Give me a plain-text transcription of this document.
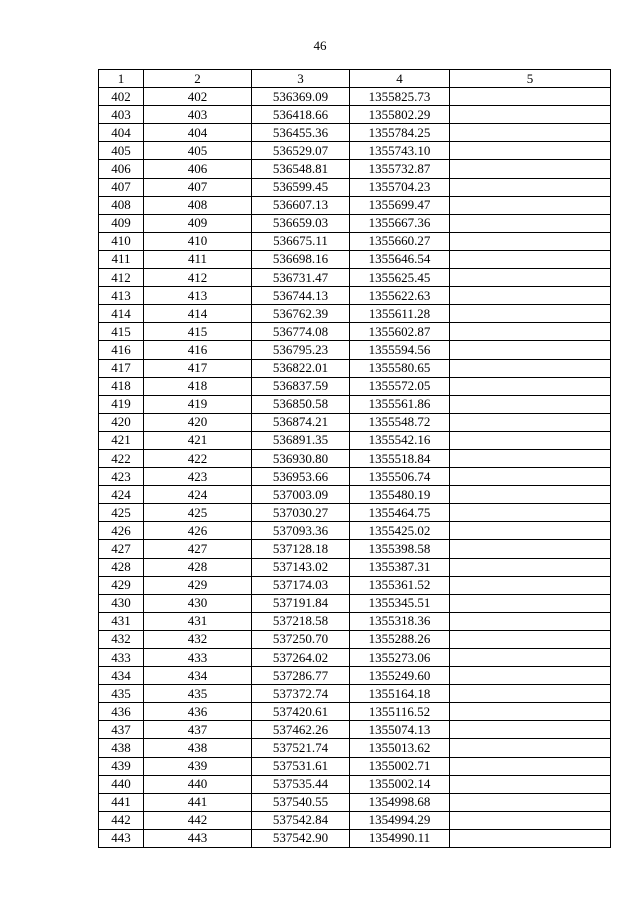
46
1	2	3	4	5
402	402	536369.09	1355825.73	
403	403	536418.66	1355802.29	
404	404	536455.36	1355784.25	
405	405	536529.07	1355743.10	
406	406	536548.81	1355732.87	
407	407	536599.45	1355704.23	
408	408	536607.13	1355699.47	
409	409	536659.03	1355667.36	
410	410	536675.11	1355660.27	
411	411	536698.16	1355646.54	
412	412	536731.47	1355625.45	
413	413	536744.13	1355622.63	
414	414	536762.39	1355611.28	
415	415	536774.08	1355602.87	
416	416	536795.23	1355594.56	
417	417	536822.01	1355580.65	
418	418	536837.59	1355572.05	
419	419	536850.58	1355561.86	
420	420	536874.21	1355548.72	
421	421	536891.35	1355542.16	
422	422	536930.80	1355518.84	
423	423	536953.66	1355506.74	
424	424	537003.09	1355480.19	
425	425	537030.27	1355464.75	
426	426	537093.36	1355425.02	
427	427	537128.18	1355398.58	
428	428	537143.02	1355387.31	
429	429	537174.03	1355361.52	
430	430	537191.84	1355345.51	
431	431	537218.58	1355318.36	
432	432	537250.70	1355288.26	
433	433	537264.02	1355273.06	
434	434	537286.77	1355249.60	
435	435	537372.74	1355164.18	
436	436	537420.61	1355116.52	
437	437	537462.26	1355074.13	
438	438	537521.74	1355013.62	
439	439	537531.61	1355002.71	
440	440	537535.44	1355002.14	
441	441	537540.55	1354998.68	
442	442	537542.84	1354994.29	
443	443	537542.90	1354990.11	
